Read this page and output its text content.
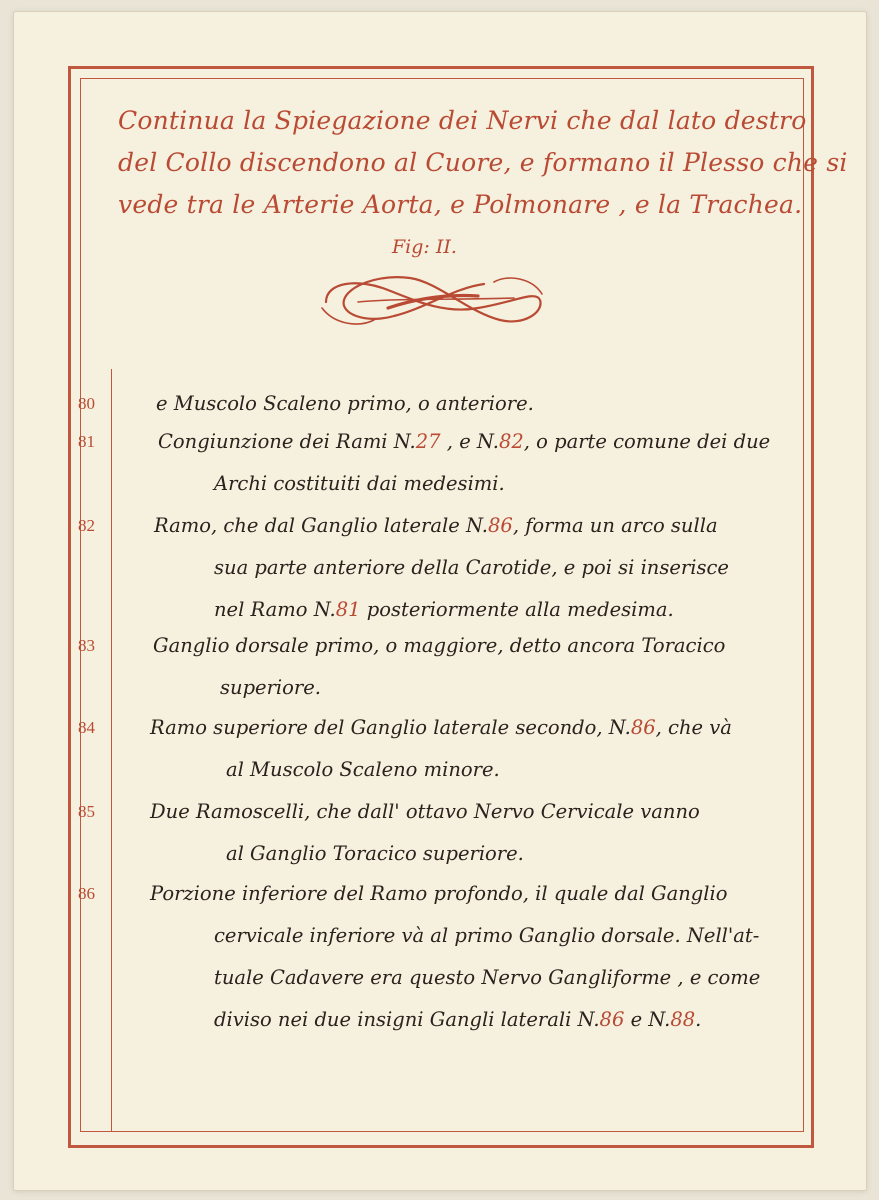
Continua la Spiegazione dei Nervi che dal lato destro
del Collo discendono al Cuore, e formano il Plesso che si
vede tra le Arterie Aorta, e Polmonare , e la Trachea.
Fig: II.
80	e Muscolo Scaleno primo, o anteriore.
81	Congiunzione dei Rami N.27 , e N.82, o parte comune dei due
Archi costituiti dai medesimi.
82	Ramo, che dal Ganglio laterale N.86, forma un arco sulla
sua parte anteriore della Carotide, e poi si inserisce
nel Ramo N.81 posteriormente alla medesima.
83	Ganglio dorsale primo, o maggiore, detto ancora Toracico
superiore.
84	Ramo superiore del Ganglio laterale secondo, N.86, che và
al Muscolo Scaleno minore.
85	Due Ramoscelli, che dall' ottavo Nervo Cervicale vanno
al Ganglio Toracico superiore.
86	Porzione inferiore del Ramo profondo, il quale dal Ganglio
cervicale inferiore và al primo Ganglio dorsale. Nell'at-
tuale Cadavere era questo Nervo Gangliforme , e come
diviso nei due insigni Gangli laterali N.86 e N.88.
